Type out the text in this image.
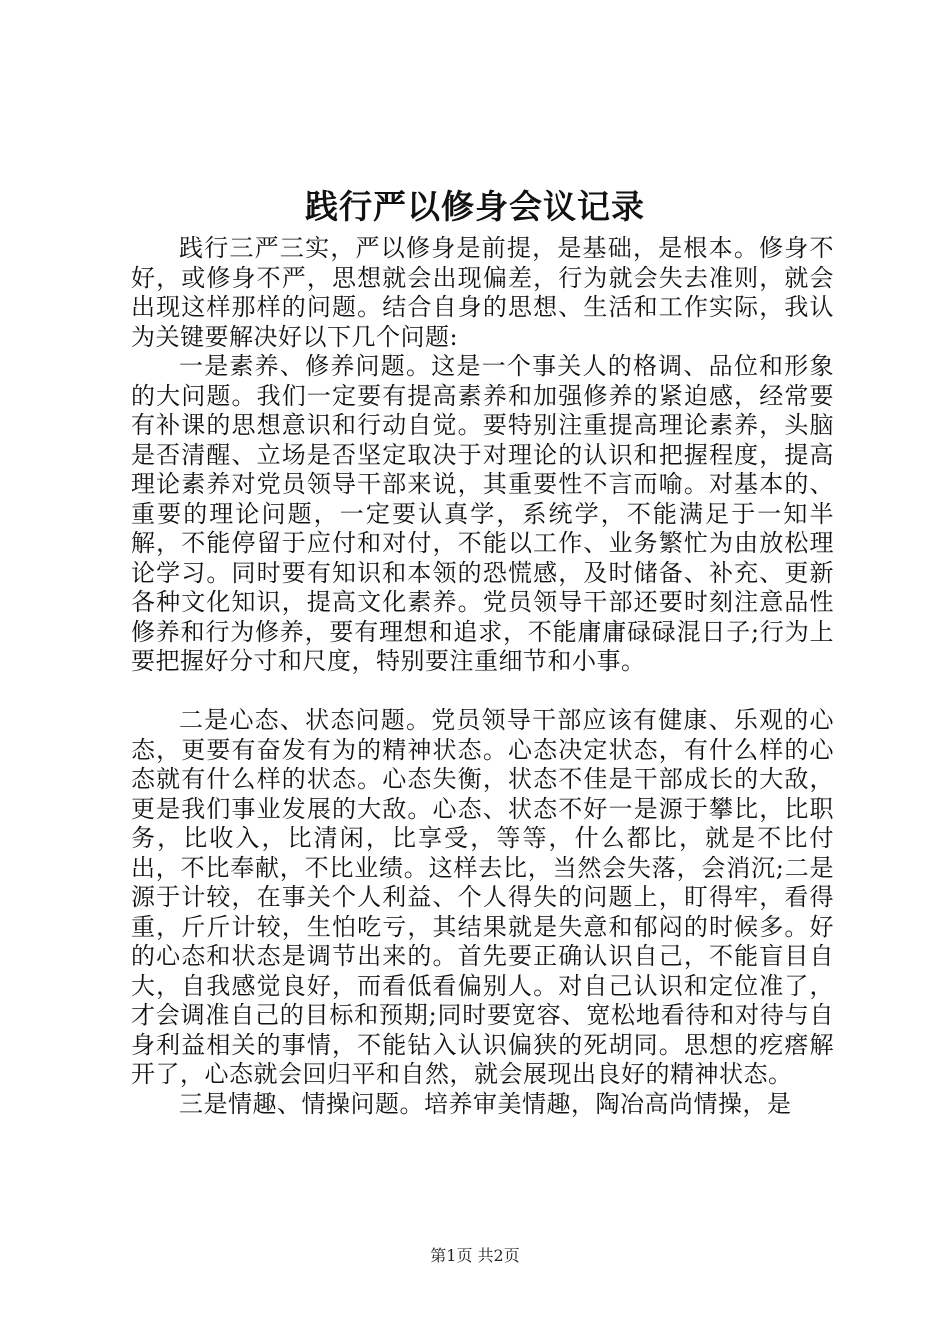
践行严以修身会议记录

践行三严三实，严以修身是前提，是基础，是根本。修身不好，或修身不严，思想就会出现偏差，行为就会失去准则，就会出现这样那样的问题。结合自身的思想、生活和工作实际，我认为关键要解决好以下几个问题:

一是素养、修养问题。这是一个事关人的格调、品位和形象的大问题。我们一定要有提高素养和加强修养的紧迫感，经常要有补课的思想意识和行动自觉。要特别注重提高理论素养，头脑是否清醒、立场是否坚定取决于对理论的认识和把握程度，提高理论素养对党员领导干部来说，其重要性不言而喻。对基本的、重要的理论问题，一定要认真学，系统学，不能满足于一知半解，不能停留于应付和对付，不能以工作、业务繁忙为由放松理论学习。同时要有知识和本领的恐慌感，及时储备、补充、更新各种文化知识，提高文化素养。党员领导干部还要时刻注意品性修养和行为修养，要有理想和追求，不能庸庸碌碌混日子;行为上要把握好分寸和尺度，特别要注重细节和小事。

二是心态、状态问题。党员领导干部应该有健康、乐观的心态，更要有奋发有为的精神状态。心态决定状态，有什么样的心态就有什么样的状态。心态失衡，状态不佳是干部成长的大敌，更是我们事业发展的大敌。心态、状态不好一是源于攀比，比职务，比收入，比清闲，比享受，等等，什么都比，就是不比付出，不比奉献，不比业绩。这样去比，当然会失落，会消沉;二是源于计较，在事关个人利益、个人得失的问题上，盯得牢，看得重，斤斤计较，生怕吃亏，其结果就是失意和郁闷的时候多。好的心态和状态是调节出来的。首先要正确认识自己，不能盲目自大，自我感觉良好，而看低看偏别人。对自己认识和定位准了，才会调准自己的目标和预期;同时要宽容、宽松地看待和对待与自身利益相关的事情，不能钻入认识偏狭的死胡同。思想的疙瘩解开了，心态就会回归平和自然，就会展现出良好的精神状态。

三是情趣、情操问题。培养审美情趣，陶冶高尚情操，是

第1页 共2页
